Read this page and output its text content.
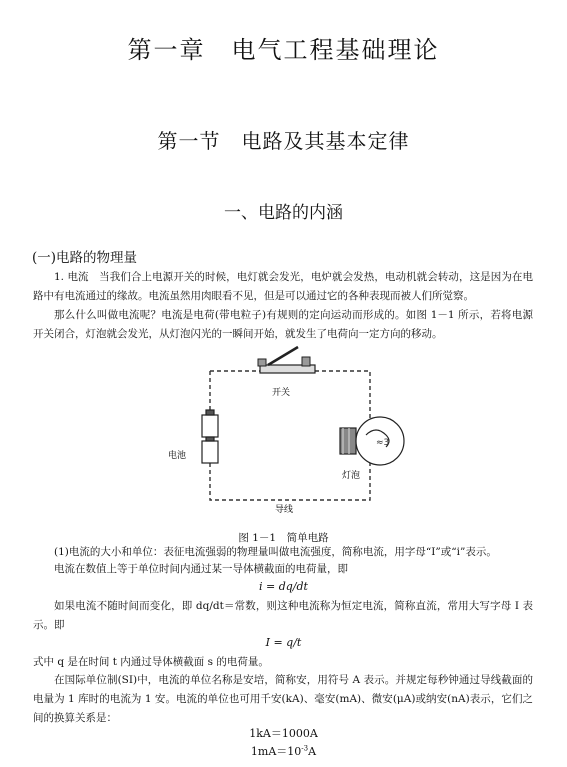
第一章　电气工程基础理论
第一节　电路及其基本定律
一、电路的内涵
(一)电路的物理量
1. 电流　当我们合上电源开关的时候，电灯就会发光，电炉就会发热，电动机就会转动，这是因为在电路中有电流通过的缘故。电流虽然用肉眼看不见，但是可以通过它的各种表现而被人们所觉察。
那么什么叫做电流呢？电流是电荷(带电粒子)有规则的定向运动而形成的。如图 1－1 所示，若将电源开关闭合，灯泡就会发光，从灯泡闪光的一瞬间开始，就发生了电荷向一定方向的移动。
开关
电池
≈3
灯泡
导线
图 1－1　简单电路
(1)电流的大小和单位：表征电流强弱的物理量叫做电流强度，简称电流，用字母“I”或“i”表示。
电流在数值上等于单位时间内通过某一导体横截面的电荷量，即
i = dq/dt
如果电流不随时间而变化，即 dq/dt＝常数，则这种电流称为恒定电流，简称直流，常用大写字母 I 表示。即
I = q/t
式中 q 是在时间 t 内通过导体横截面 s 的电荷量。
在国际单位制(SI)中，电流的单位名称是安培，简称安，用符号 A 表示。并规定每秒钟通过导线截面的电量为 1 库时的电流为 1 安。电流的单位也可用千安(kA)、毫安(mA)、微安(μA)或纳安(nA)表示，它们之间的换算关系是：
1kA＝1000A
$1mA=10^{-3}A$
